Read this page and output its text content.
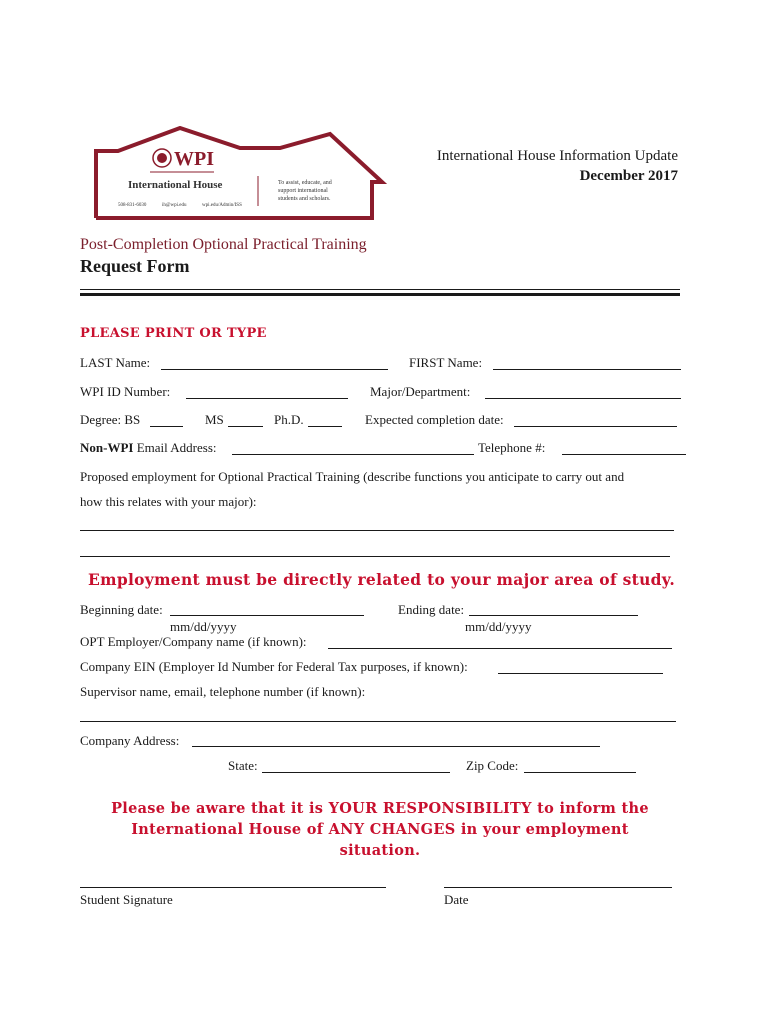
WPI
International House	To assist, educate, and
support international
students and scholars.
508-831-6030	ih@wpi.edu	wpi.edu/Admin/ISS
International House Information Update
December 2017
Post-Completion Optional Practical Training
Request Form
PLEASE PRINT OR TYPE
LAST Name:	FIRST Name:
WPI ID Number:	Major/Department:
Degree: BS	MS	Ph.D.	Expected completion date:
Non-WPI Email Address:	Telephone #:
Proposed employment for Optional Practical Training (describe functions you anticipate to carry out and
how this relates with your major):
Employment must be directly related to your major area of study.
Beginning date:
mm/dd/yyyy
Ending date:
mm/dd/yyyy
OPT Employer/Company name (if known):
Company EIN (Employer Id Number for Federal Tax purposes, if known):
Supervisor name, email, telephone number (if known):
Company Address:
State:	Zip Code:
Please be aware that it is YOUR RESPONSIBILITY to inform the
International House of ANY CHANGES in your employment
situation.
Student Signature	Date
